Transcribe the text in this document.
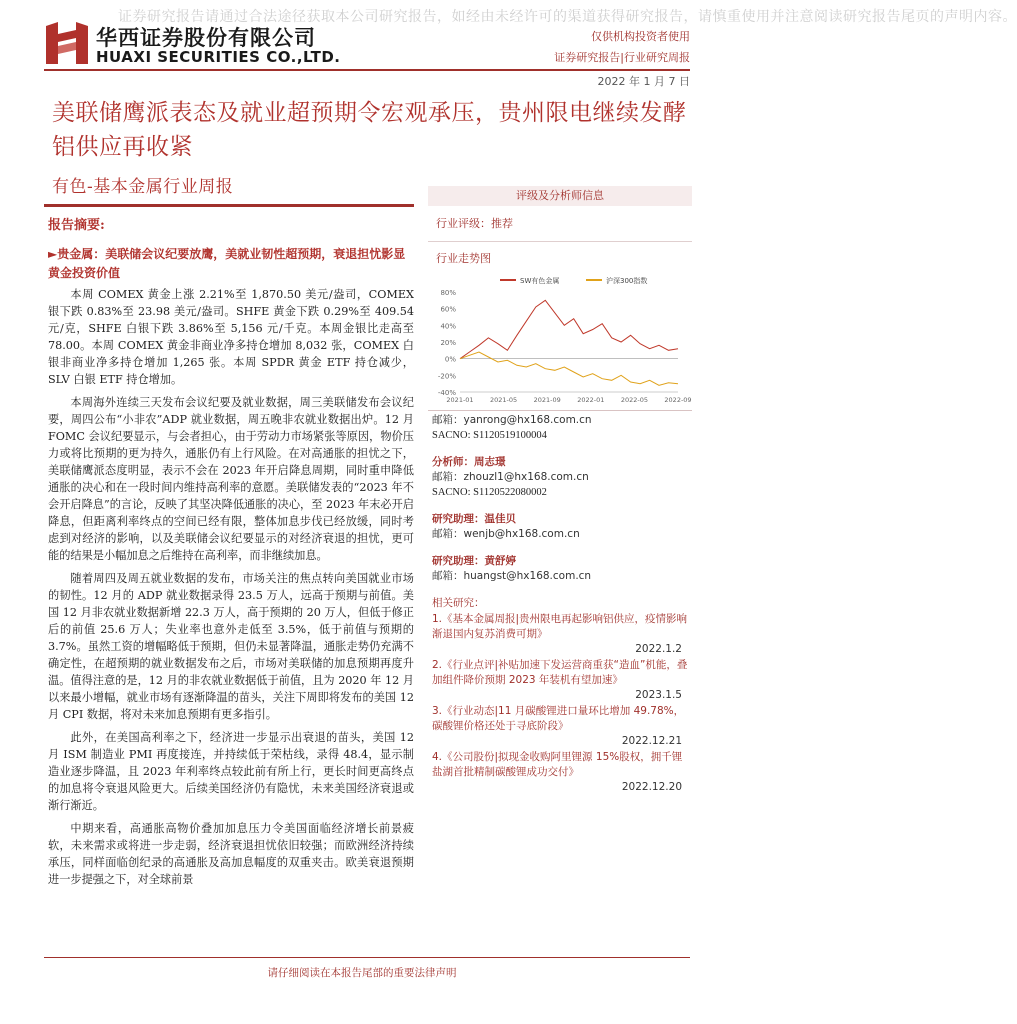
证券研究报告请通过合法途径获取本公司研究报告，如经由未经许可的渠道获得研究报告，请慎重使用并注意阅读研究报告尾页的声明内容。
华西证券股份有限公司
HUAXI SECURITIES CO.,LTD.
仅供机构投资者使用
证券研究报告|行业研究周报
2022 年 1 月 7 日
美联储鹰派表态及就业超预期令宏观承压，贵州限电继续发酵铝供应再收紧
有色-基本金属行业周报
报告摘要:
►贵金属：美联储会议纪要放鹰，美就业韧性超预期，衰退担忧影显黄金投资价值

本周 COMEX 黄金上涨 2.21%至 1,870.50 美元/盎司，COMEX 银下跌 0.83%至 23.98 美元/盎司。SHFE 黄金下跌 0.29%至 409.54 元/克，SHFE 白银下跌 3.86%至 5,156 元/千克。本周金银比走高至 78.00。本周 COMEX 黄金非商业净多持仓增加 8,032 张，COMEX 白银非商业净多持仓增加 1,265 张。本周 SPDR 黄金 ETF 持仓减少，SLV 白银 ETF 持仓增加。

本周海外连续三天发布会议纪要及就业数据，周三美联储发布会议纪要，周四公布“小非农”ADP 就业数据，周五晚非农就业数据出炉。12 月 FOMC 会议纪要显示，与会者担心，由于劳动力市场紧张等原因，物价压力或将比预期的更为持久，通胀仍有上行风险。在对高通胀的担忧之下，美联储鹰派态度明显，表示不会在 2023 年开启降息周期，同时重申降低通胀的决心和在一段时间内维持高利率的意愿。美联储发表的“2023 年不会开启降息”的言论，反映了其坚决降低通胀的决心，至 2023 年末必开启降息，但距离利率终点的空间已经有限，整体加息步伐已经放缓，同时考虑到对经济的影响，以及美联储会议纪要显示的对经济衰退的担忧，更可能的结果是小幅加息之后维持在高利率，而非继续加息。

随着周四及周五就业数据的发布，市场关注的焦点转向美国就业市场的韧性。12 月的 ADP 就业数据录得 23.5 万人，远高于预期与前值。美国 12 月非农就业数据新增 22.3 万人，高于预期的 20 万人，但低于修正后的前值 25.6 万人；失业率也意外走低至 3.5%，低于前值与预期的 3.7%。虽然工资的增幅略低于预期，但仍未显著降温，通胀走势仍充满不确定性，在超预期的就业数据发布之后，市场对美联储的加息预期再度升温。值得注意的是，12 月的非农就业数据低于前值，且为 2020 年 12 月以来最小增幅，就业市场有逐渐降温的苗头，关注下周即将发布的美国 12 月 CPI 数据，将对未来加息预期有更多指引。

此外，在美国高利率之下，经济进一步显示出衰退的苗头，美国 12 月 ISM 制造业 PMI 再度接连，并持续低于荣枯线，录得 48.4，显示制造业逐步降温，且 2023 年利率终点较此前有所上行，更长时间更高终点的加息将令衰退风险更大。后续美国经济仍有隐忧，未来美国经济衰退或渐行渐近。

中期来看，高通胀高物价叠加加息压力令美国面临经济增长前景疲软，未来需求或将进一步走弱，经济衰退担忧依旧较强；而欧洲经济持续承压，同样面临创纪录的高通胀及高加息幅度的双重夹击。欧美衰退预期进一步提强之下，对全球前景

评级及分析师信息
行业评级：推荐
行业走势图
80%
60%
40%
20%
0%
-20%
-40%
2021-01	2021-05	2021-09	2022-01	2022-05	2022-09
SW有色金属	沪深300指数
邮箱：yanrong@hx168.com.cn
SACNO: S1120519100004
分析师：周志璟
邮箱：zhouzl1@hx168.com.cn
SACNO: S1120522080002
研究助理：温佳贝
邮箱：wenjb@hx168.com.cn
研究助理：黄舒婷
邮箱：huangst@hx168.com.cn
相关研究：
1.《基本金属周报|贵州限电再起影响铝供应，疫情影响渐退国内复苏消费可期》
2022.1.2
2.《行业点评|补贴加速下发运营商重获“造血”机能，叠加组件降价预期 2023 年装机有望加速》
2023.1.5
3.《行业动态|11 月碳酸锂进口量环比增加 49.78%，碳酸锂价格还处于寻底阶段》
2022.12.21
4.《公司股份|拟现金收购阿里锂源 15%股权，拥千锂盐湖首批精制碳酸锂成功交付》
2022.12.20
请仔细阅读在本报告尾部的重要法律声明
